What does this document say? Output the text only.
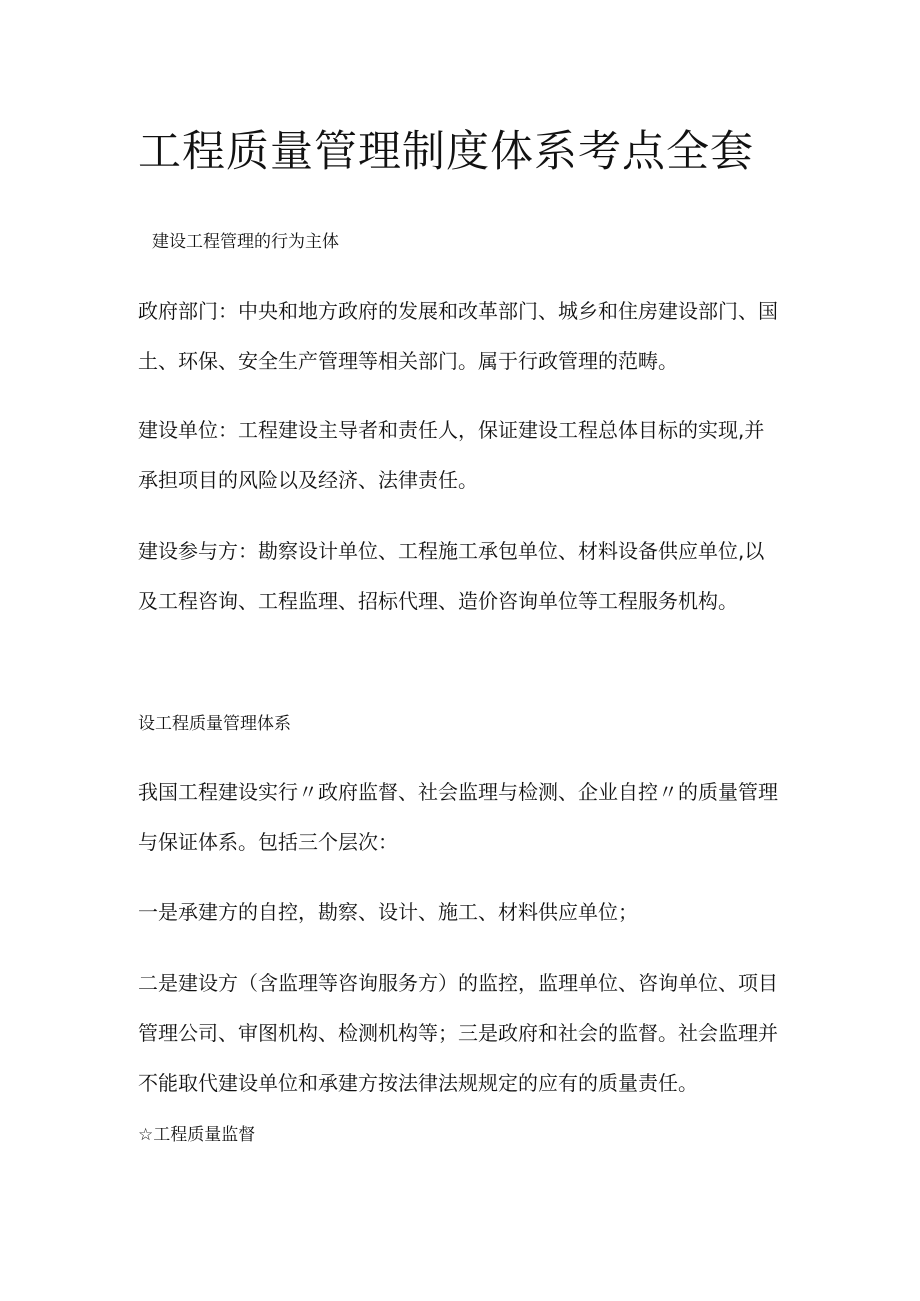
工程质量管理制度体系考点全套
建设工程管理的行为主体
政府部门：中央和地方政府的发展和改革部门、城乡和住房建设部门、国
土、环保、安全生产管理等相关部门。属于行政管理的范畴。
建设单位：工程建设主导者和责任人，保证建设工程总体目标的实现,并
承担项目的风险以及经济、法律责任。
建设参与方：勘察设计单位、工程施工承包单位、材料设备供应单位,以
及工程咨询、工程监理、招标代理、造价咨询单位等工程服务机构。
设工程质量管理体系
我国工程建设实行〃政府监督、社会监理与检测、企业自控〃的质量管理
与保证体系。包括三个层次：
一是承建方的自控，勘察、设计、施工、材料供应单位；
二是建设方（含监理等咨询服务方）的监控，监理单位、咨询单位、项目
管理公司、审图机构、检测机构等；三是政府和社会的监督。社会监理并
不能取代建设单位和承建方按法律法规规定的应有的质量责任。
☆工程质量监督
